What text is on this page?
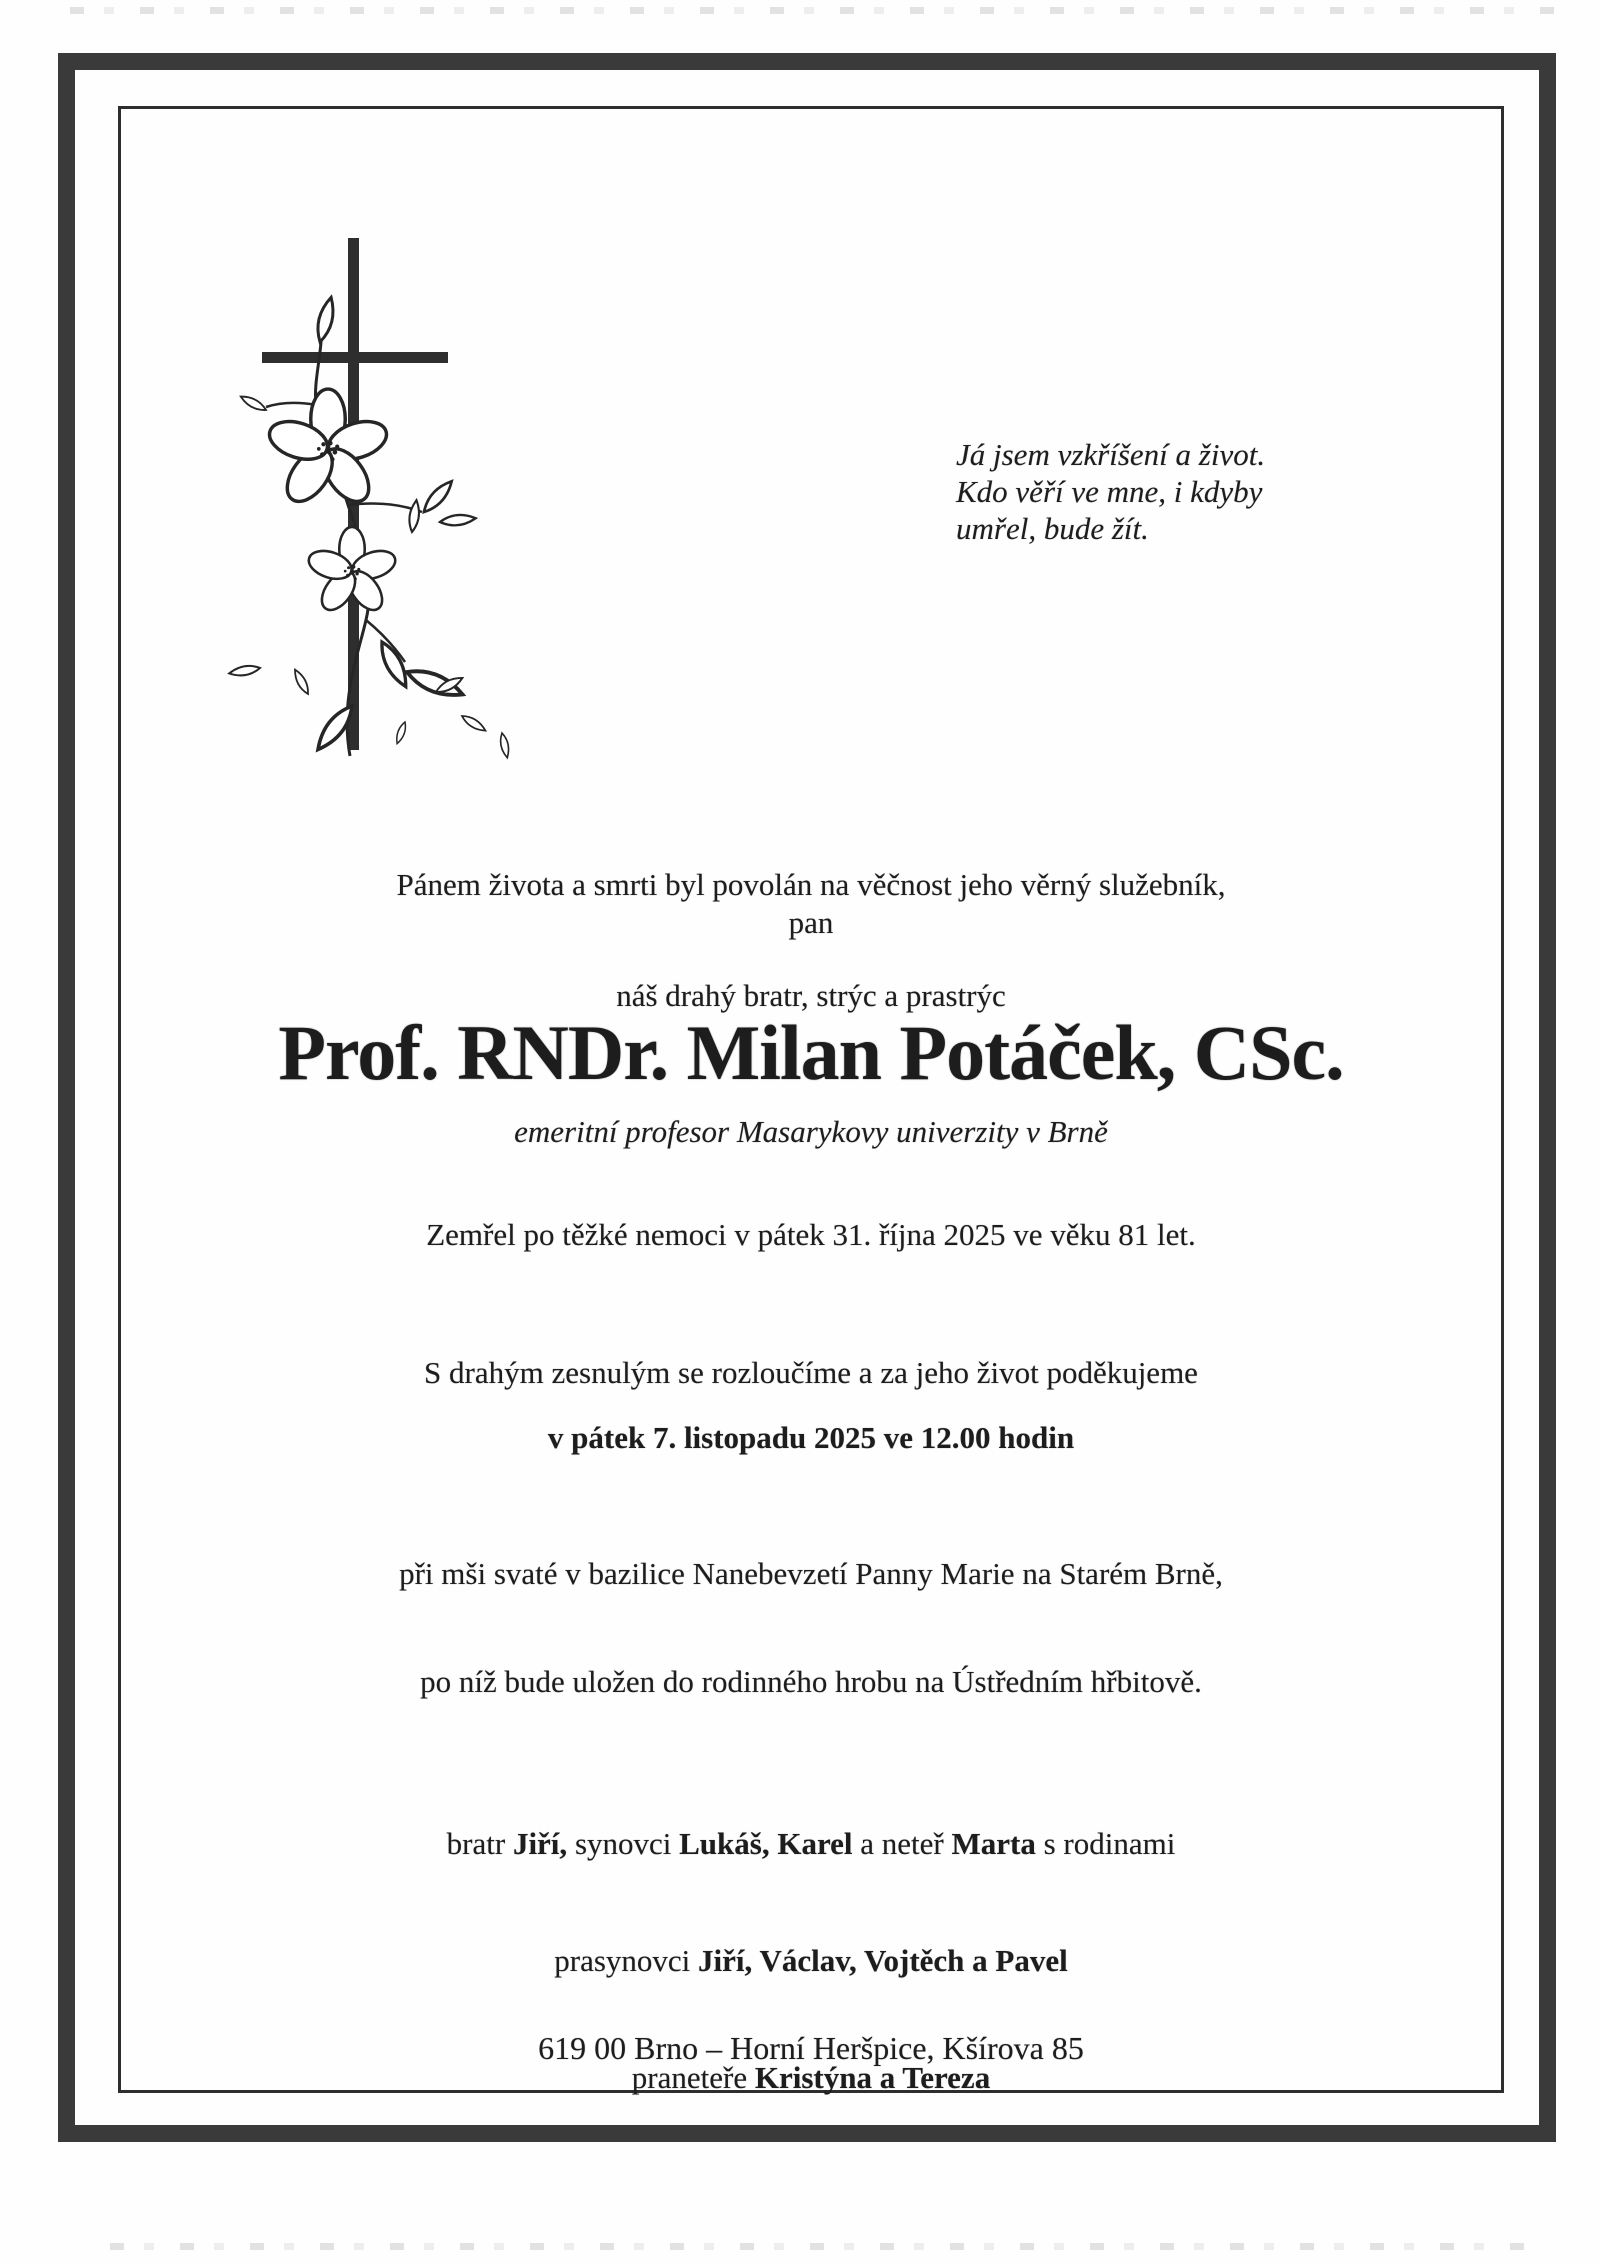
Já jsem vzkříšení a život.
Kdo věří ve mne, i kdyby
umřel, bude žít.

Pánem života a smrti byl povolán na věčnost jeho věrný služebník,

náš drahý bratr, strýc a prastrýc

pan
Prof. RNDr. Milan Potáček, CSc.
emeritní profesor Masarykovy univerzity v Brně
Zemřel po těžké nemoci v pátek 31. října 2025 ve věku 81 let.
S drahým zesnulým se rozloučíme a za jeho život poděkujeme
v pátek 7. listopadu 2025 ve 12.00 hodin

při mši svaté v bazilice Nanebevzetí Panny Marie na Starém Brně,

po níž bude uložen do rodinného hrobu na Ústředním hřbitově.

bratr Jiří, synovci Lukáš, Karel a neteř Marta s rodinami

prasynovci Jiří, Václav, Vojtěch a Pavel

praneteře Kristýna a Tereza

619 00 Brno – Horní Heršpice, Kšírova 85
